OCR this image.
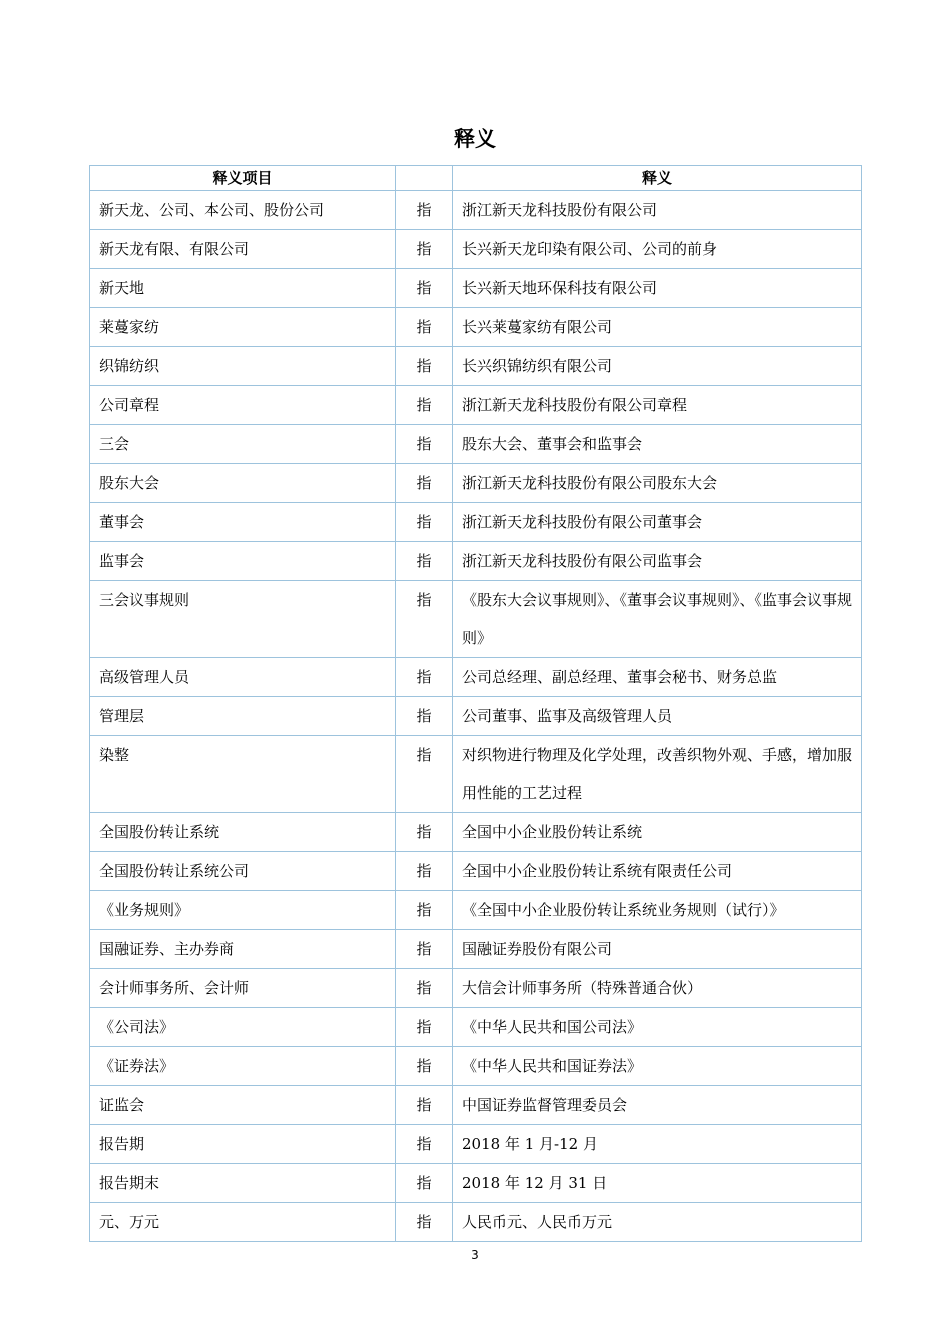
释义
释义项目		释义
新天龙、公司、本公司、股份公司	指	浙江新天龙科技股份有限公司
新天龙有限、有限公司	指	长兴新天龙印染有限公司、公司的前身
新天地	指	长兴新天地环保科技有限公司
莱蔓家纺	指	长兴莱蔓家纺有限公司
织锦纺织	指	长兴织锦纺织有限公司
公司章程	指	浙江新天龙科技股份有限公司章程
三会	指	股东大会、董事会和监事会
股东大会	指	浙江新天龙科技股份有限公司股东大会
董事会	指	浙江新天龙科技股份有限公司董事会
监事会	指	浙江新天龙科技股份有限公司监事会
三会议事规则	指	《股东大会议事规则》、《董事会议事规则》、《监事会议事规则》
高级管理人员	指	公司总经理、副总经理、董事会秘书、财务总监
管理层	指	公司董事、监事及高级管理人员
染整	指	对织物进行物理及化学处理，改善织物外观、手感，增加服用性能的工艺过程
全国股份转让系统	指	全国中小企业股份转让系统
全国股份转让系统公司	指	全国中小企业股份转让系统有限责任公司
《业务规则》	指	《全国中小企业股份转让系统业务规则（试行）》
国融证券、主办券商	指	国融证券股份有限公司
会计师事务所、会计师	指	大信会计师事务所（特殊普通合伙）
《公司法》	指	《中华人民共和国公司法》
《证券法》	指	《中华人民共和国证券法》
证监会	指	中国证券监督管理委员会
报告期	指	2018 年 1 月-12 月
报告期末	指	2018 年 12 月 31 日
元、万元	指	人民币元、人民币万元
3
